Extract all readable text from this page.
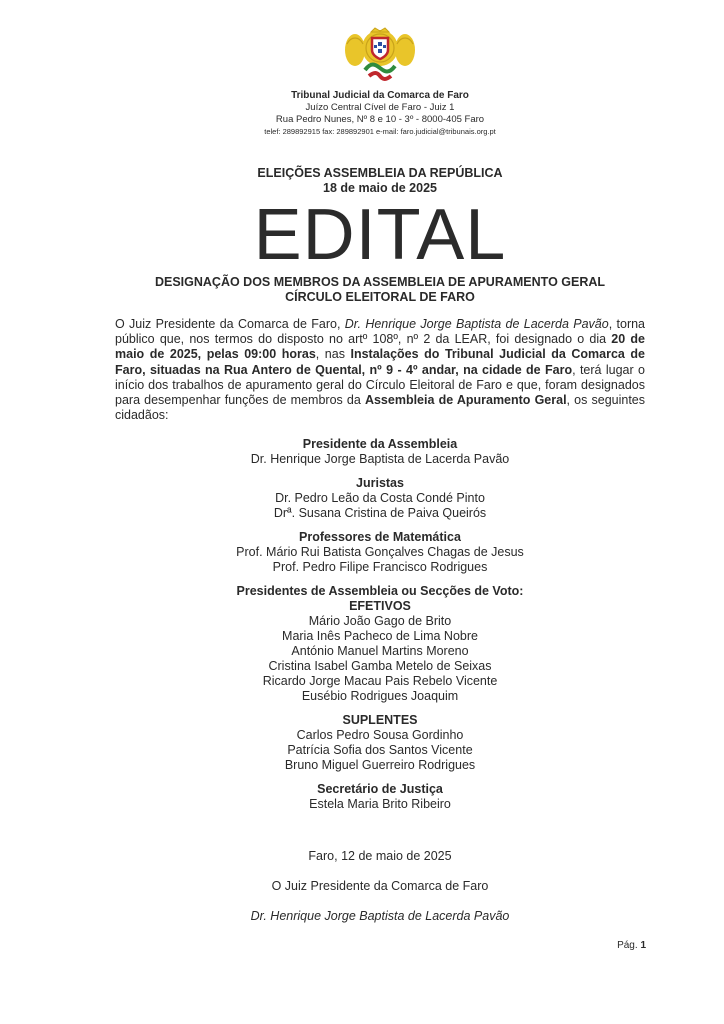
Tribunal Judicial da Comarca de Faro
Juízo Central Cível de Faro - Juiz 1
Rua Pedro Nunes, Nº 8 e 10 - 3º - 8000-405 Faro
telef: 289892915 fax: 289892901 e-mail: faro.judicial@tribunais.org.pt
ELEIÇÕES ASSEMBLEIA DA REPÚBLICA
18 de maio de 2025
EDITAL
DESIGNAÇÃO DOS MEMBROS DA ASSEMBLEIA DE APURAMENTO GERAL
CÍRCULO ELEITORAL DE FARO
O Juiz Presidente da Comarca de Faro, Dr. Henrique Jorge Baptista de Lacerda Pavão, torna público que, nos termos do disposto no artº 108º, nº 2 da LEAR, foi designado o dia 20 de maio de 2025, pelas 09:00 horas, nas Instalações do Tribunal Judicial da Comarca de Faro, situadas na Rua Antero de Quental, nº 9 - 4º andar, na cidade de Faro, terá lugar o início dos trabalhos de apuramento geral do Círculo Eleitoral de Faro e que, foram designados para desempenhar funções de membros da Assembleia de Apuramento Geral, os seguintes cidadãos:
Presidente da Assembleia
Dr. Henrique Jorge Baptista de Lacerda Pavão
Juristas
Dr. Pedro Leão da Costa Condé Pinto
Drª. Susana Cristina de Paiva Queirós
Professores de Matemática
Prof. Mário Rui Batista Gonçalves Chagas de Jesus
Prof. Pedro Filipe Francisco Rodrigues
Presidentes de Assembleia ou Secções de Voto:
EFETIVOS
Mário João Gago de Brito
Maria Inês Pacheco de Lima Nobre
António Manuel Martins Moreno
Cristina Isabel Gamba Metelo de Seixas
Ricardo Jorge Macau Pais Rebelo Vicente
Eusébio Rodrigues Joaquim
SUPLENTES
Carlos Pedro Sousa Gordinho
Patrícia Sofia dos Santos Vicente
Bruno Miguel Guerreiro Rodrigues
Secretário de Justiça
Estela Maria Brito Ribeiro
Faro, 12 de maio de 2025
O Juiz Presidente da Comarca de Faro
Dr. Henrique Jorge Baptista de Lacerda Pavão
Pág. 1
